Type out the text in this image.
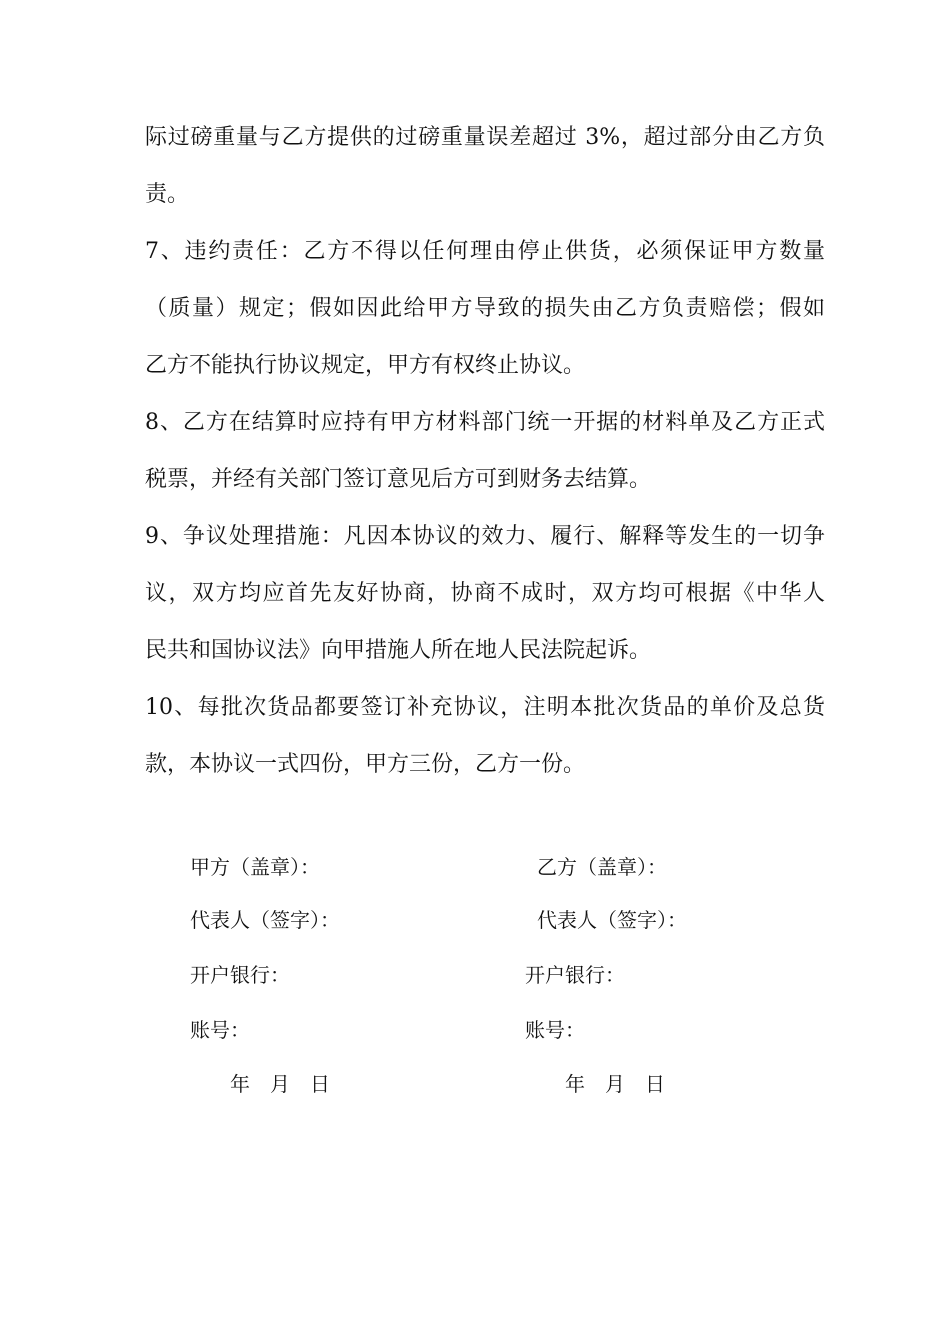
际过磅重量与乙方提供的过磅重量误差超过 3%，超过部分由乙方负
责。
7、违约责任：乙方不得以任何理由停止供货，必须保证甲方数量
（质量）规定；假如因此给甲方导致的损失由乙方负责赔偿；假如
乙方不能执行协议规定，甲方有权终止协议。
8、乙方在结算时应持有甲方材料部门统一开据的材料单及乙方正式
税票，并经有关部门签订意见后方可到财务去结算。
9、争议处理措施：凡因本协议的效力、履行、解释等发生的一切争
议，双方均应首先友好协商，协商不成时，双方均可根据《中华人
民共和国协议法》向甲措施人所在地人民法院起诉。
10、每批次货品都要签订补充协议，注明本批次货品的单价及总货
款，本协议一式四份，甲方三份，乙方一份。
甲方（盖章）：
代表人（签字）：
开户银行：
账号：
年　月　日
乙方（盖章）：
代表人（签字）：
开户银行：
账号：
年　月　日
